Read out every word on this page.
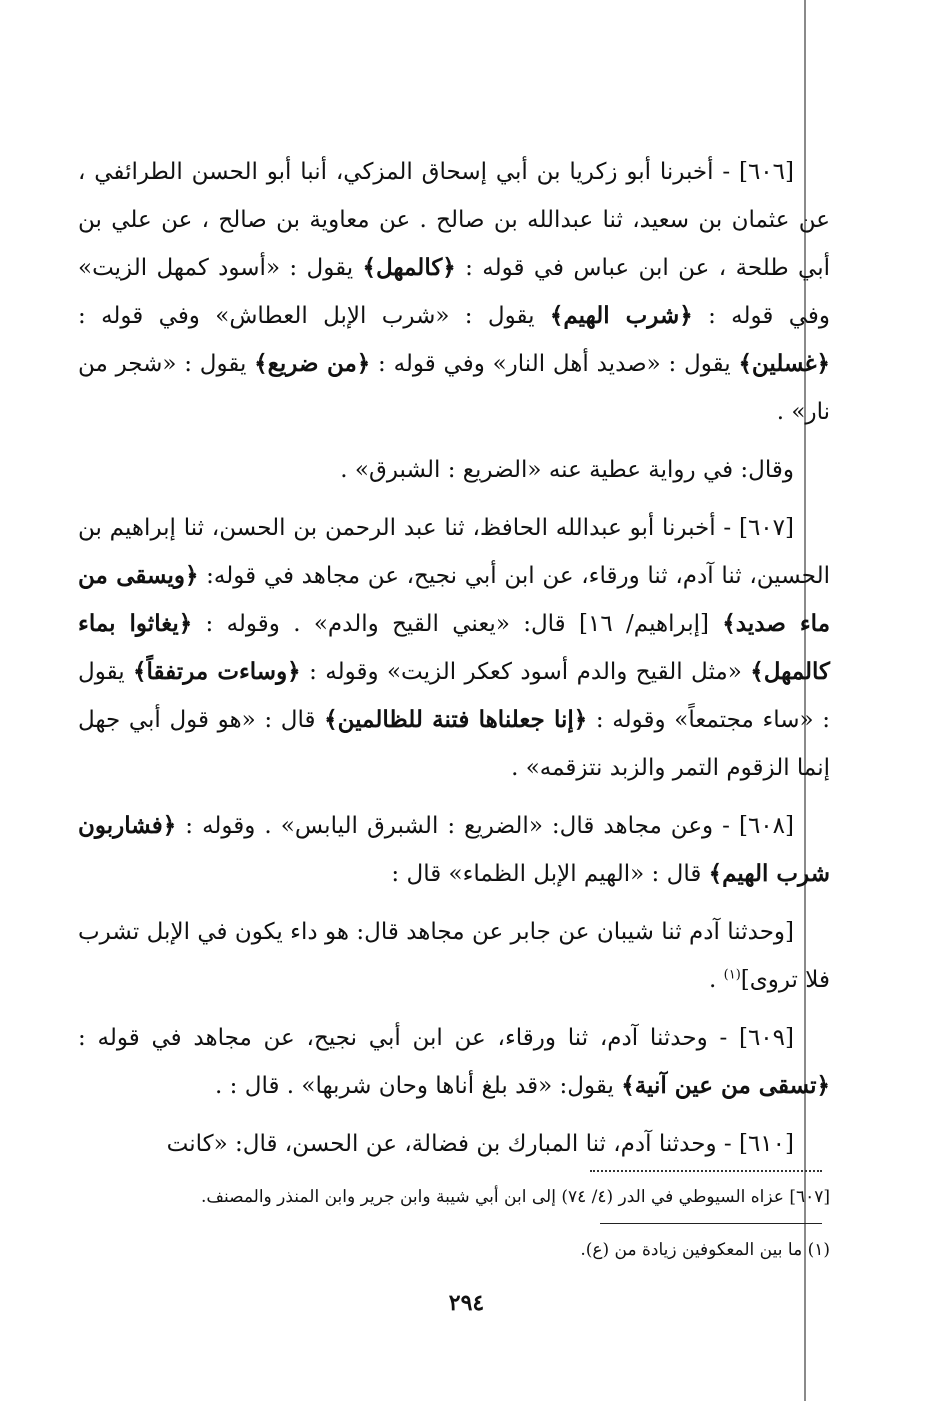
[٦٠٦] - أخبرنا أبو زكريا بن أبي إسحاق المزكي، أنبا أبو الحسن الطرائفي ، عن عثمان بن سعيد، ثنا عبدالله بن صالح . عن معاوية بن صالح ، عن علي بن أبي طلحة ، عن ابن عباس في قوله : ﴿كالمهل﴾ يقول : «أسود كمهل الزيت» وفي قوله : ﴿شرب الهيم﴾ يقول : «شرب الإبل العطاش» وفي قوله : ﴿غسلين﴾ يقول : «صديد أهل النار» وفي قوله : ﴿من ضريع﴾ يقول : «شجر من نار» .

وقال: في رواية عطية عنه «الضريع : الشبرق» .

[٦٠٧] - أخبرنا أبو عبدالله الحافظ، ثنا عبد الرحمن بن الحسن، ثنا إبراهيم بن الحسين، ثنا آدم، ثنا ورقاء، عن ابن أبي نجيح، عن مجاهد في قوله: ﴿ويسقى من ماء صديد﴾ [إبراهيم/ ١٦] قال: «يعني القيح والدم» . وقوله : ﴿يغاثوا بماء كالمهل﴾ «مثل القيح والدم أسود كعكر الزيت» وقوله : ﴿وساءت مرتفقاً﴾ يقول : «ساء مجتمعاً» وقوله : ﴿إنا جعلناها فتنة للظالمين﴾ قال : «هو قول أبي جهل إنما الزقوم التمر والزبد نتزقمه» .

[٦٠٨] - وعن مجاهد قال: «الضريع : الشبرق اليابس» . وقوله : ﴿فشاربون شرب الهيم﴾ قال : «الهيم الإبل الظماء» قال :

[وحدثنا آدم ثنا شيبان عن جابر عن مجاهد قال: هو داء يكون في الإبل تشرب فلا تروى]$^{(١)}$ .

[٦٠٩] - وحدثنا آدم، ثنا ورقاء، عن ابن أبي نجيح، عن مجاهد في قوله : ﴿تسقى من عين آنية﴾ يقول: «قد بلغ أناها وحان شربها» . قال : .

[٦١٠] - وحدثنا آدم، ثنا المبارك بن فضالة، عن الحسن، قال: «كانت

[٦٠٧] عزاه السيوطي في الدر (٤/ ٧٤) إلى ابن أبي شيبة وابن جرير وابن المنذر والمصنف.
(١) ما بين المعكوفين زيادة من (ع).
٢٩٤
